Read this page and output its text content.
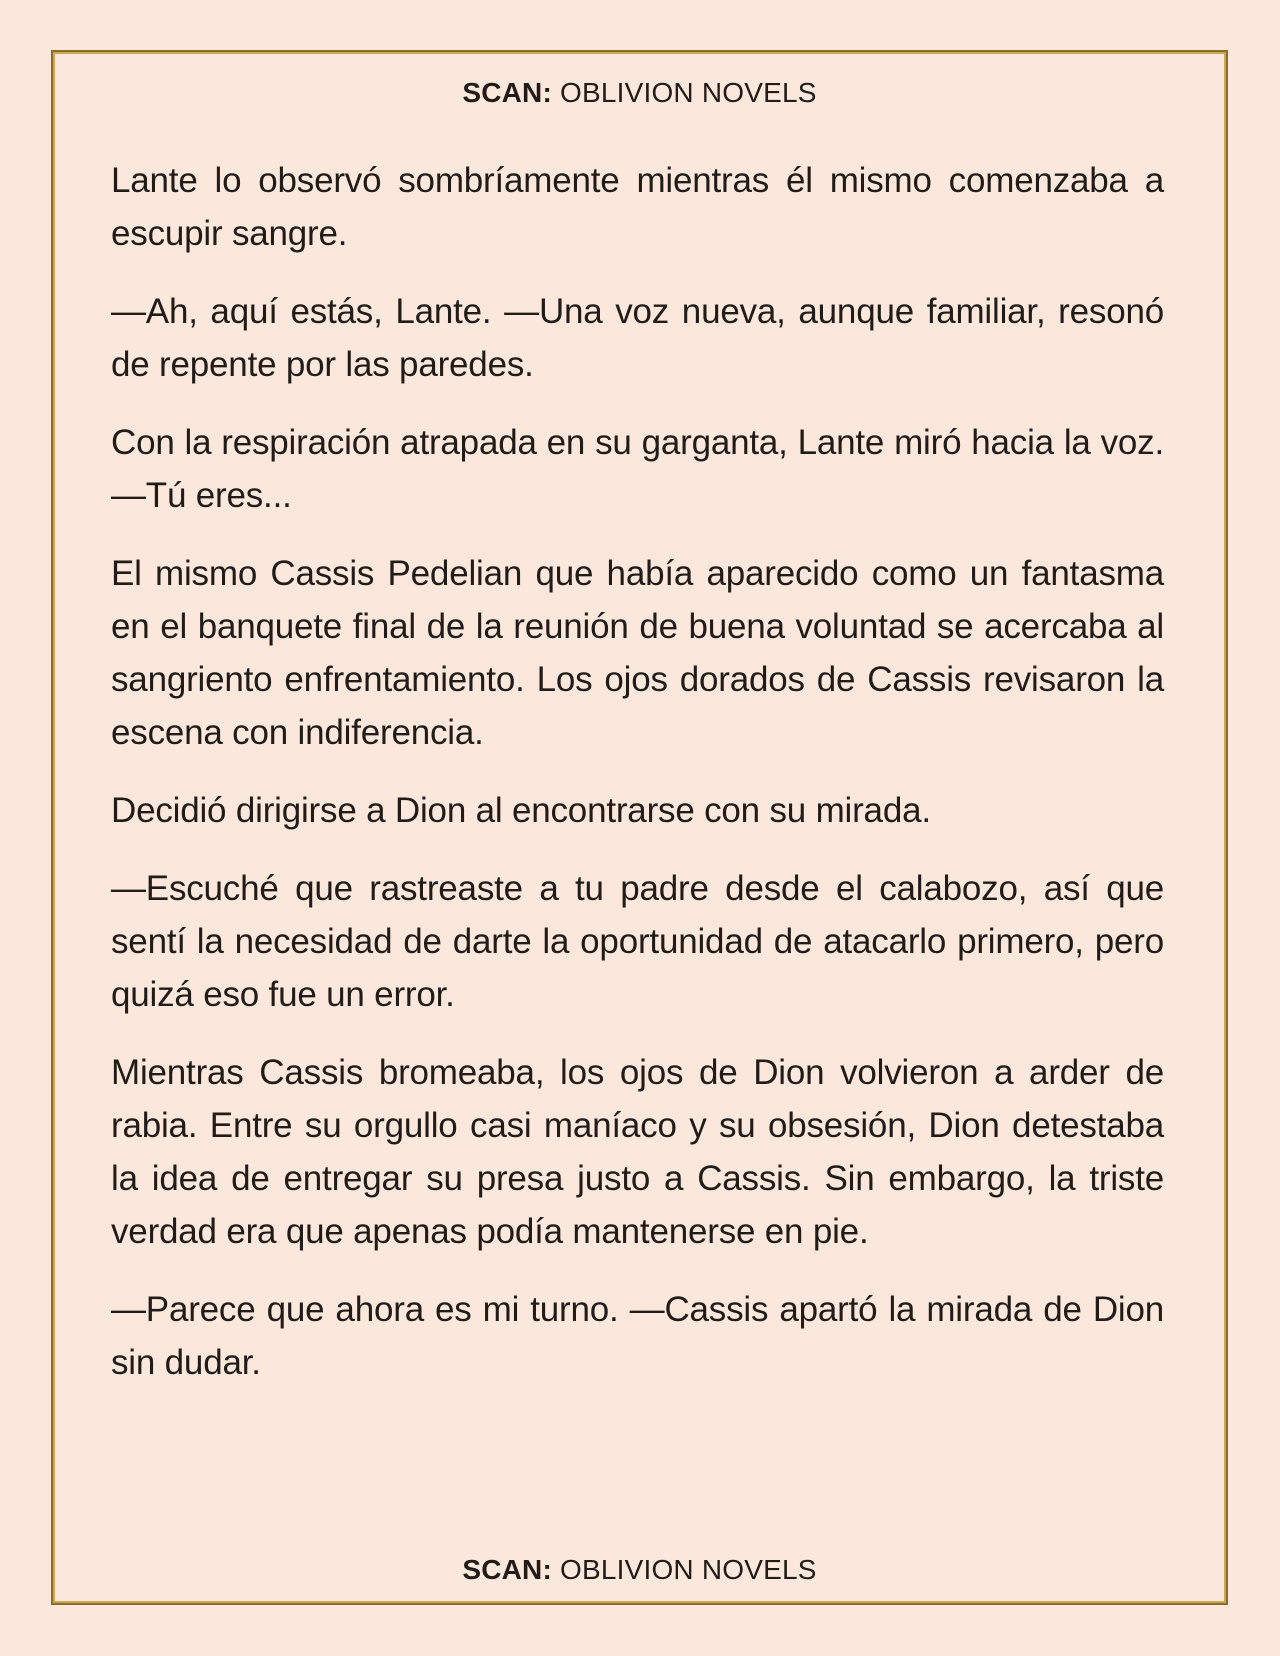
SCAN: OBLIVION NOVELS

Lante lo observó sombríamente mientras él mismo comenzaba a escupir sangre.

—Ah, aquí estás, Lante. —Una voz nueva, aunque familiar, resonó de repente por las paredes.

Con la respiración atrapada en su garganta, Lante miró hacia la voz. —Tú eres...

El mismo Cassis Pedelian que había aparecido como un fantasma en el banquete final de la reunión de buena voluntad se acercaba al sangriento enfrentamiento. Los ojos dorados de Cassis revisaron la escena con indiferencia.

Decidió dirigirse a Dion al encontrarse con su mirada.

—Escuché que rastreaste a tu padre desde el calabozo, así que sentí la necesidad de darte la oportunidad de atacarlo primero, pero quizá eso fue un error.

Mientras Cassis bromeaba, los ojos de Dion volvieron a arder de rabia. Entre su orgullo casi maníaco y su obsesión, Dion detestaba la idea de entregar su presa justo a Cassis. Sin embargo, la triste verdad era que apenas podía mantenerse en pie.

—Parece que ahora es mi turno. —Cassis apartó la mirada de Dion sin dudar.

SCAN: OBLIVION NOVELS
